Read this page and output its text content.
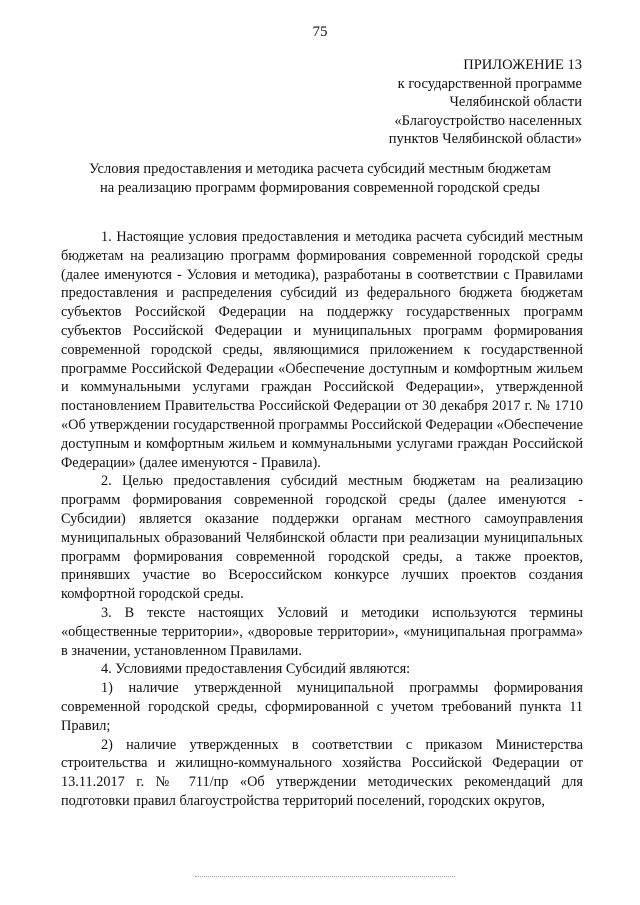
75
ПРИЛОЖЕНИЕ 13
к государственной программе
Челябинской области
«Благоустройство населенных
пунктов Челябинской области»
Условия предоставления и методика расчета субсидий местным бюджетам
на реализацию программ формирования современной городской среды

1. Настоящие условия предоставления и методика расчета субсидий местным бюджетам на реализацию программ формирования современной городской среды (далее именуются - Условия и методика), разработаны в соответствии с Правилами предоставления и распределения субсидий из федерального бюджета бюджетам субъектов Российской Федерации на поддержку государственных программ субъектов Российской Федерации и муниципальных программ формирования современной городской среды, являющимися приложением к государственной программе Российской Федерации «Обеспечение доступным и комфортным жильем и коммунальными услугами граждан Российской Федерации», утвержденной постановлением Правительства Российской Федерации от 30 декабря 2017 г. № 1710 «Об утверждении государственной программы Российской Федерации «Обеспечение доступным и комфортным жильем и коммунальными услугами граждан Российской Федерации» (далее именуются - Правила).

2. Целью предоставления субсидий местным бюджетам на реализацию программ формирования современной городской среды (далее именуются - Субсидии) является оказание поддержки органам местного самоуправления муниципальных образований Челябинской области при реализации муниципальных программ формирования современной городской среды, а также проектов, принявших участие во Всероссийском конкурсе лучших проектов создания комфортной городской среды.

3. В тексте настоящих Условий и методики используются термины «общественные территории», «дворовые территории», «муниципальная программа» в значении, установленном Правилами.

4. Условиями предоставления Субсидий являются:

1) наличие утвержденной муниципальной программы формирования современной городской среды, сформированной с учетом требований пункта 11 Правил;

2) наличие утвержденных в соответствии с приказом Министерства строительства и жилищно-коммунального хозяйства Российской Федерации от 13.11.2017 г. № 711/пр «Об утверждении методических рекомендаций для подготовки правил благоустройства территорий поселений, городских округов,
